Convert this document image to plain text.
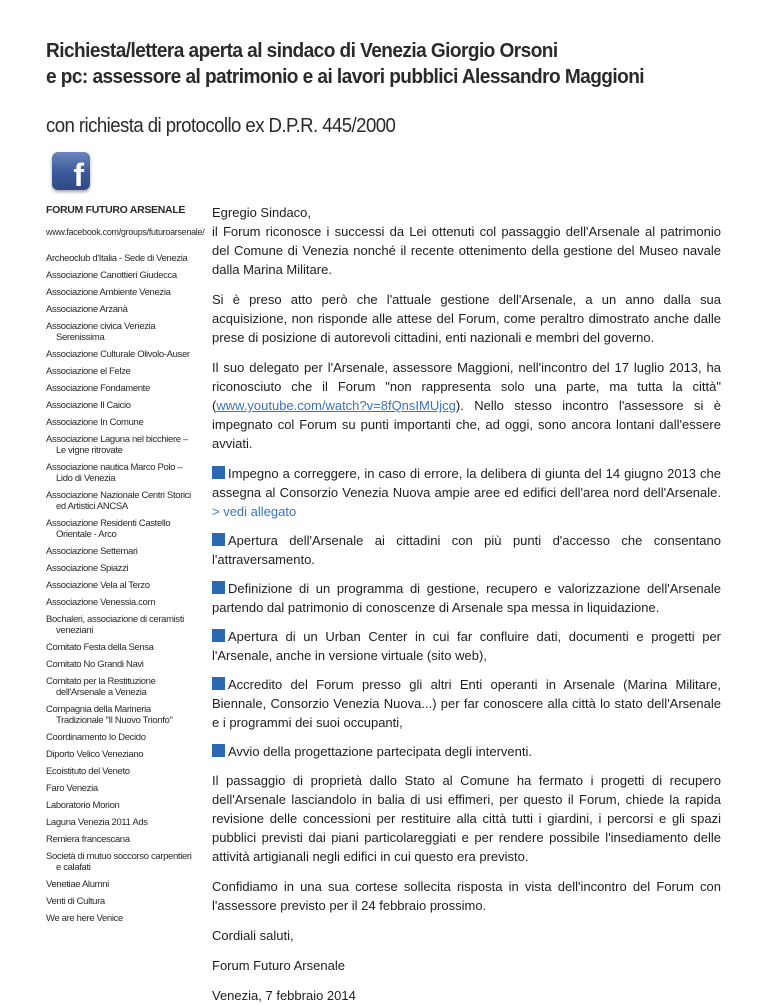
Richiesta/lettera aperta al sindaco di Venezia Giorgio Orsoni
e pc: assessore al patrimonio e ai lavori pubblici Alessandro Maggioni
con richiesta di protocollo ex D.P.R. 445/2000
f
FORUM FUTURO ARSENALE
www.facebook.com/groups/futuroarsenale/
Archeoclub d'Italia - Sede di Venezia
Associazione Canottieri Giudecca
Associazione Ambiente Venezia
Associazione Arzanà
Associazione civica Venezia Serenissima
Associazione Culturale Olivolo-Auser
Associazione el Felze
Associazione Fondamente
Associazione Il Caicio
Associazione In Comune
Associazione Laguna nel bicchiere – Le vigne ritrovate
Associazione nautica Marco Polo – Lido di Venezia
Associazione Nazionale Centri Storici ed Artistici ANCSA
Associazione Residenti Castello Orientale - Arco
Associazione Settemari
Associazione Spiazzi
Associazione Vela al Terzo
Associazione Venessia.com
Bochaleri, associazione di ceramisti veneziani
Comitato Festa della Sensa
Comitato No Grandi Navi
Comitato per la Restituzione dell'Arsenale a Venezia
Compagnia della Marineria Tradizionale "Il Nuovo Trionfo"
Coordinamento Io Decido
Diporto Velico Veneziano
Ecoistituto del Veneto
Faro Venezia
Laboratorio Morion
Laguna Venezia 2011 Ads
Remiera francescana
Società di mutuo soccorso carpentieri e calafati
Venetiae Alumni
Venti di Cultura
We are here Venice

Egregio Sindaco,
il Forum riconosce i successi da Lei ottenuti col passaggio dell'Arsenale al patrimonio del Comune di Venezia nonché il recente ottenimento della gestione del Museo navale dalla Marina Militare.

Si è preso atto però che l'attuale gestione dell'Arsenale, a un anno dalla sua acquisizione, non risponde alle attese del Forum, come peraltro dimostrato anche dalle prese di posizione di autorevoli cittadini, enti nazionali e membri del governo.

Il suo delegato per l'Arsenale, assessore Maggioni, nell'incontro del 17 luglio 2013, ha riconosciuto che il Forum "non rappresenta solo una parte, ma tutta la città" (www.youtube.com/watch?v=8fQnsIMUjcg). Nello stesso incontro l'assessore si è impegnato col Forum su punti importanti che, ad oggi, sono ancora lontani dall'essere avviati.

Impegno a correggere, in caso di errore, la delibera di giunta del 14 giugno 2013 che assegna al Consorzio Venezia Nuova ampie aree ed edifici dell'area nord dell'Arsenale. > vedi allegato
Apertura dell'Arsenale ai cittadini con più punti d'accesso che consentano l'attraversamento.
Definizione di un programma di gestione, recupero e valorizzazione dell'Arsenale partendo dal patrimonio di conoscenze di Arsenale spa messa in liquidazione.
Apertura di un Urban Center in cui far confluire dati, documenti e progetti per l'Arsenale, anche in versione virtuale (sito web),
Accredito del Forum presso gli altri Enti operanti in Arsenale (Marina Militare, Biennale, Consorzio Venezia Nuova...) per far conoscere alla città lo stato dell'Arsenale e i programmi dei suoi occupanti,
Avvio della progettazione partecipata degli interventi.

Il passaggio di proprietà dallo Stato al Comune ha fermato i progetti di recupero dell'Arsenale lasciandolo in balia di usi effimeri, per questo il Forum, chiede la rapida revisione delle concessioni per restituire alla città tutti i giardini, i percorsi e gli spazi pubblici previsti dai piani particolareggiati e per rendere possibile l'insediamento delle attività artigianali negli edifici in cui questo era previsto.

Confidiamo in una sua cortese sollecita risposta in vista dell'incontro del Forum con l'assessore previsto per il 24 febbraio prossimo.

Cordiali saluti,

Forum Futuro Arsenale

Venezia, 7 febbraio 2014
